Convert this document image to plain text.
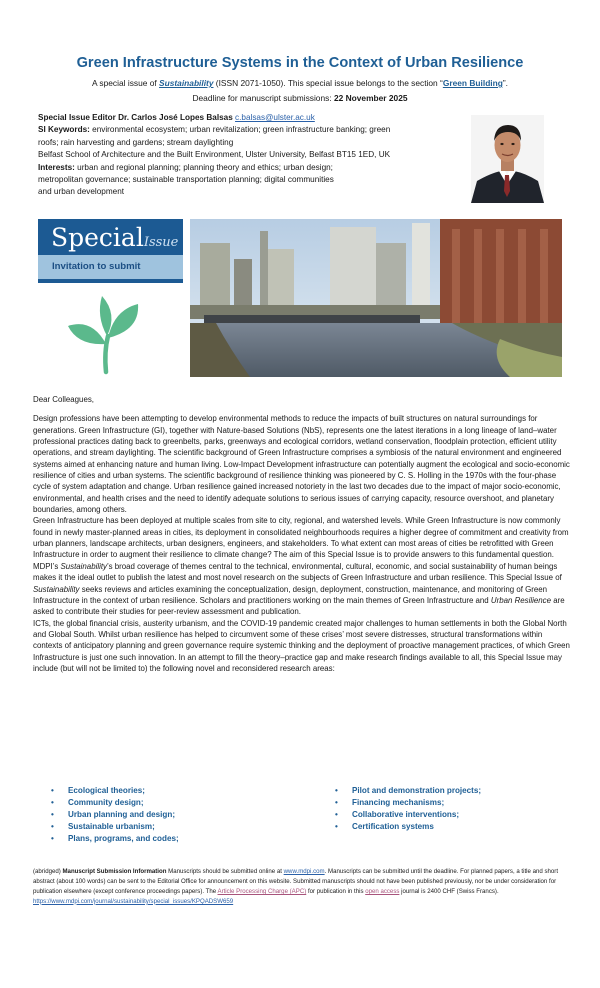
Green Infrastructure Systems in the Context of Urban Resilience
A special issue of Sustainability (ISSN 2071-1050). This special issue belongs to the section “Green Building”.
Deadline for manuscript submissions: 22 November 2025
Special Issue Editor Dr. Carlos José Lopes Balsas c.balsas@ulster.ac.uk
SI Keywords: environmental ecosystem; urban revitalization; green infrastructure banking; green
roofs; rain harvesting and gardens; stream daylighting
Belfast School of Architecture and the Built Environment, Ulster University, Belfast BT15 1ED, UK
Interests: urban and regional planning; planning theory and ethics; urban design;
metropolitan governance; sustainable transportation planning; digital communities
and urban development
SpecialIssue
Invitation to submit

Dear Colleagues,

Design professions have been attempting to develop environmental methods to reduce the impacts of built structures on natural surroundings for generations. Green Infrastructure (GI), together with Nature-based Solutions (NbS), represents one the latest iterations in a long lineage of land–water professional practices dating back to greenbelts, parks, greenways and ecological corridors, wetland conservation, floodplain protection, efficient utility operations, and stream daylighting. The scientific background of Green Infrastructure comprises a symbiosis of the natural environment and engineered systems aimed at enhancing nature and human living. Low-Impact Development infrastructure can potentially augment the ecological and socio-economic resilience of cities and urban systems. The scientific background of resilience thinking was pioneered by C. S. Holling in the 1970s with the four-phase cycle of system adaptation and change. Urban resilience gained increased notoriety in the last two decades due to the impact of major socio-economic, environmental, and health crises and the need to identify adequate solutions to serious issues of carrying capacity, resource overshoot, and planetary boundaries, among others.

Green Infrastructure has been deployed at multiple scales from site to city, regional, and watershed levels. While Green Infrastructure is now commonly found in newly master-planned areas in cities, its deployment in consolidated neighbourhoods requires a higher degree of commitment and creativity from urban planners, landscape architects, urban designers, engineers, and stakeholders. To what extent can most areas of cities be retrofitted with Green Infrastructure in order to augment their resilience to climate change? The aim of this Special Issue is to provide answers to this fundamental question. MDPI’s Sustainability’s broad coverage of themes central to the technical, environmental, cultural, economic, and social sustainability of human beings makes it the ideal outlet to publish the latest and most novel research on the subjects of Green Infrastructure and urban resilience. This Special Issue of Sustainability seeks reviews and articles examining the conceptualization, design, deployment, construction, maintenance, and monitoring of Green Infrastructure in the context of urban resilience. Scholars and practitioners working on the main themes of Green Infrastructure and Urban Resilience are asked to contribute their studies for peer-review assessment and publication.

ICTs, the global financial crisis, austerity urbanism, and the COVID-19 pandemic created major challenges to human settlements in both the Global North and Global South. Whilst urban resilience has helped to circumvent some of these crises’ most severe distresses, structural transformations within contexts of anticipatory planning and green governance require systemic thinking and the deployment of proactive management practices, of which Green Infrastructure is just one such innovation. In an attempt to fill the theory–practice gap and make research findings available to all, this Special Issue may include (but will not be limited to) the following novel and reconsidered research areas:

• Ecological theories;
• Community design;
• Urban planning and design;
• Sustainable urbanism;
• Plans, programs, and codes;
• Pilot and demonstration projects;
• Financing mechanisms;
• Collaborative interventions;
• Certification systems
(abridged) Manuscript Submission Information Manuscripts should be submitted online at www.mdpi.com. Manuscripts can be submitted until the deadline. For planned papers, a title and short abstract (about 100 words) can be sent to the Editorial Office for announcement on this website. Submitted manuscripts should not have been published previously, nor be under consideration for publication elsewhere (except conference proceedings papers). The Article Processing Charge (APC) for publication in this open access journal is 2400 CHF (Swiss Francs).
https://www.mdpi.com/journal/sustainability/special_issues/KPQADSW659
